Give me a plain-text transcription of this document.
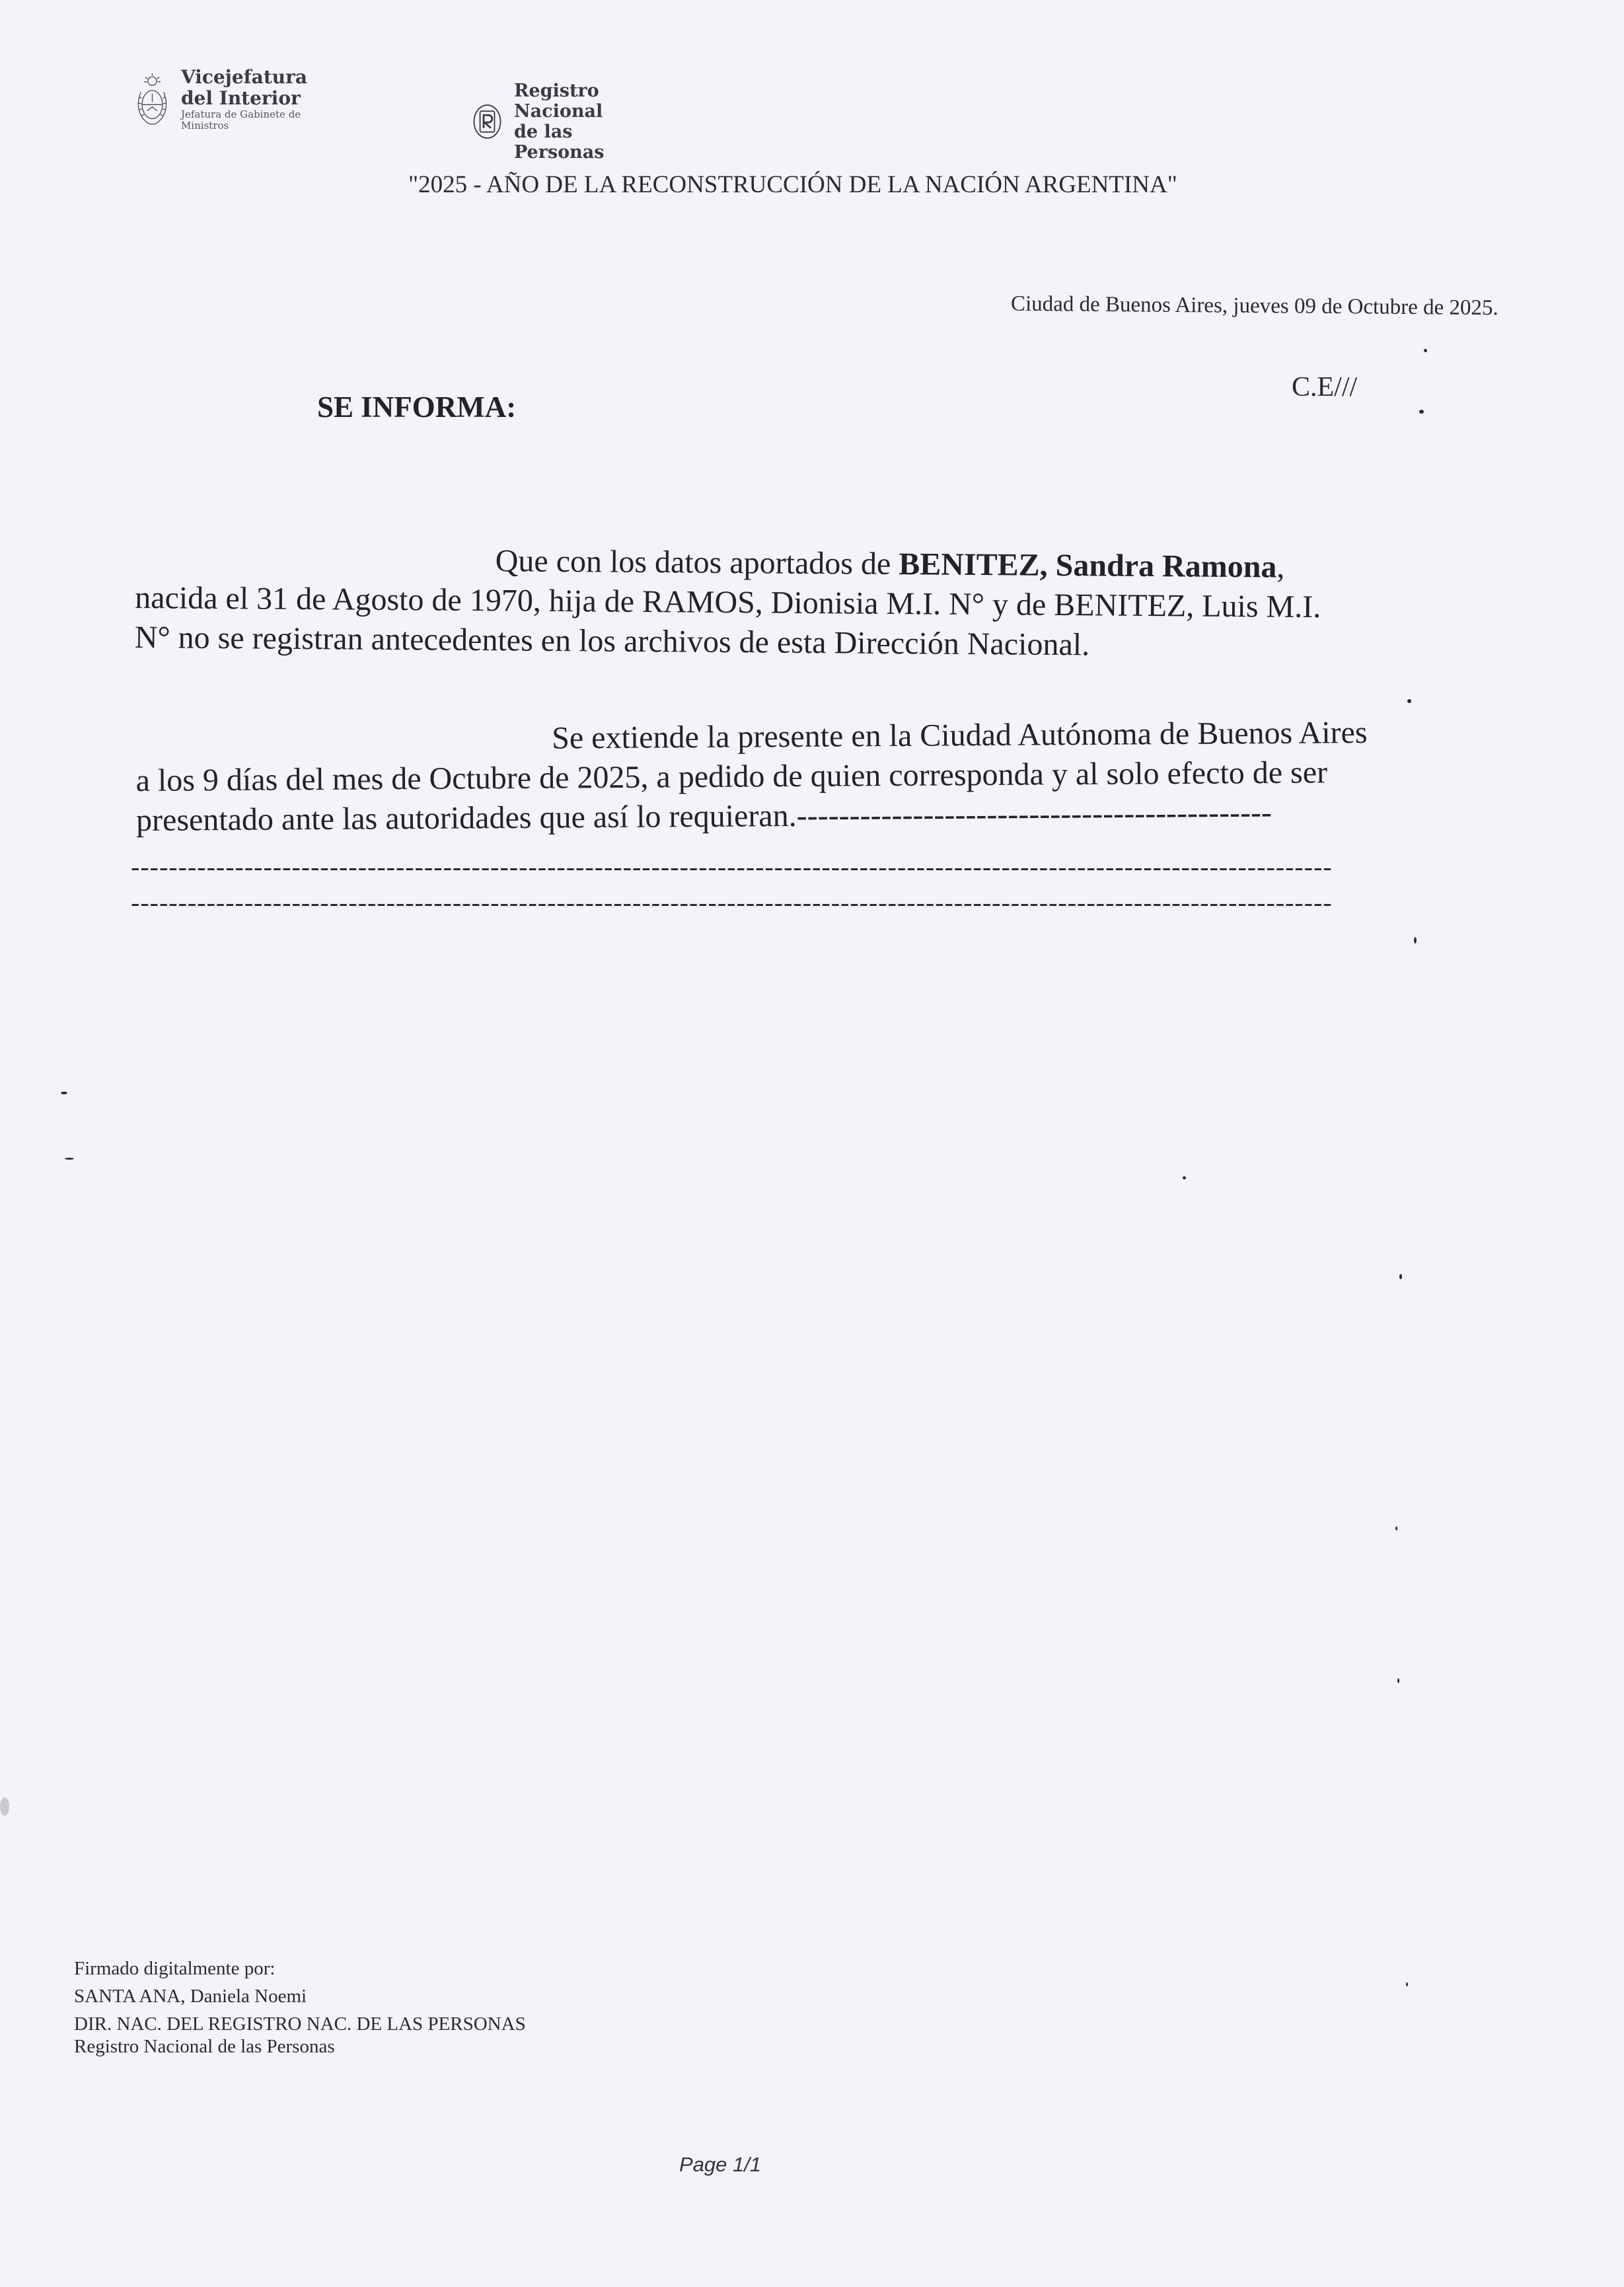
Vicejefatura del Interior
Jefatura de Gabinete de Ministros
Registro Nacional
de las Personas
"2025 - AÑO DE LA RECONSTRUCCIÓN DE LA NACIÓN ARGENTINA"
Ciudad de Buenos Aires, jueves 09 de Octubre de 2025.
C.E///
SE INFORMA:
Que con los datos aportados de BENITEZ, Sandra Ramona,
nacida el 31 de Agosto de 1970, hija de RAMOS, Dionisia M.I. N° y de BENITEZ, Luis M.I.
N° no se registran antecedentes en los archivos de esta Dirección Nacional.
Se extiende la presente en la Ciudad Autónoma de Buenos Aires
a los 9 días del mes de Octubre de 2025, a pedido de quien corresponda y al solo efecto de ser
presentado ante las autoridades que así lo requieran.---------------------------------------------
-------------------------------------------------------------------------------------------------------------------------------
-------------------------------------------------------------------------------------------------------------------------------
Firmado digitalmente por:
SANTA ANA, Daniela Noemi
DIR. NAC. DEL REGISTRO NAC. DE LAS PERSONAS
Registro Nacional de las Personas
Page 1/1
